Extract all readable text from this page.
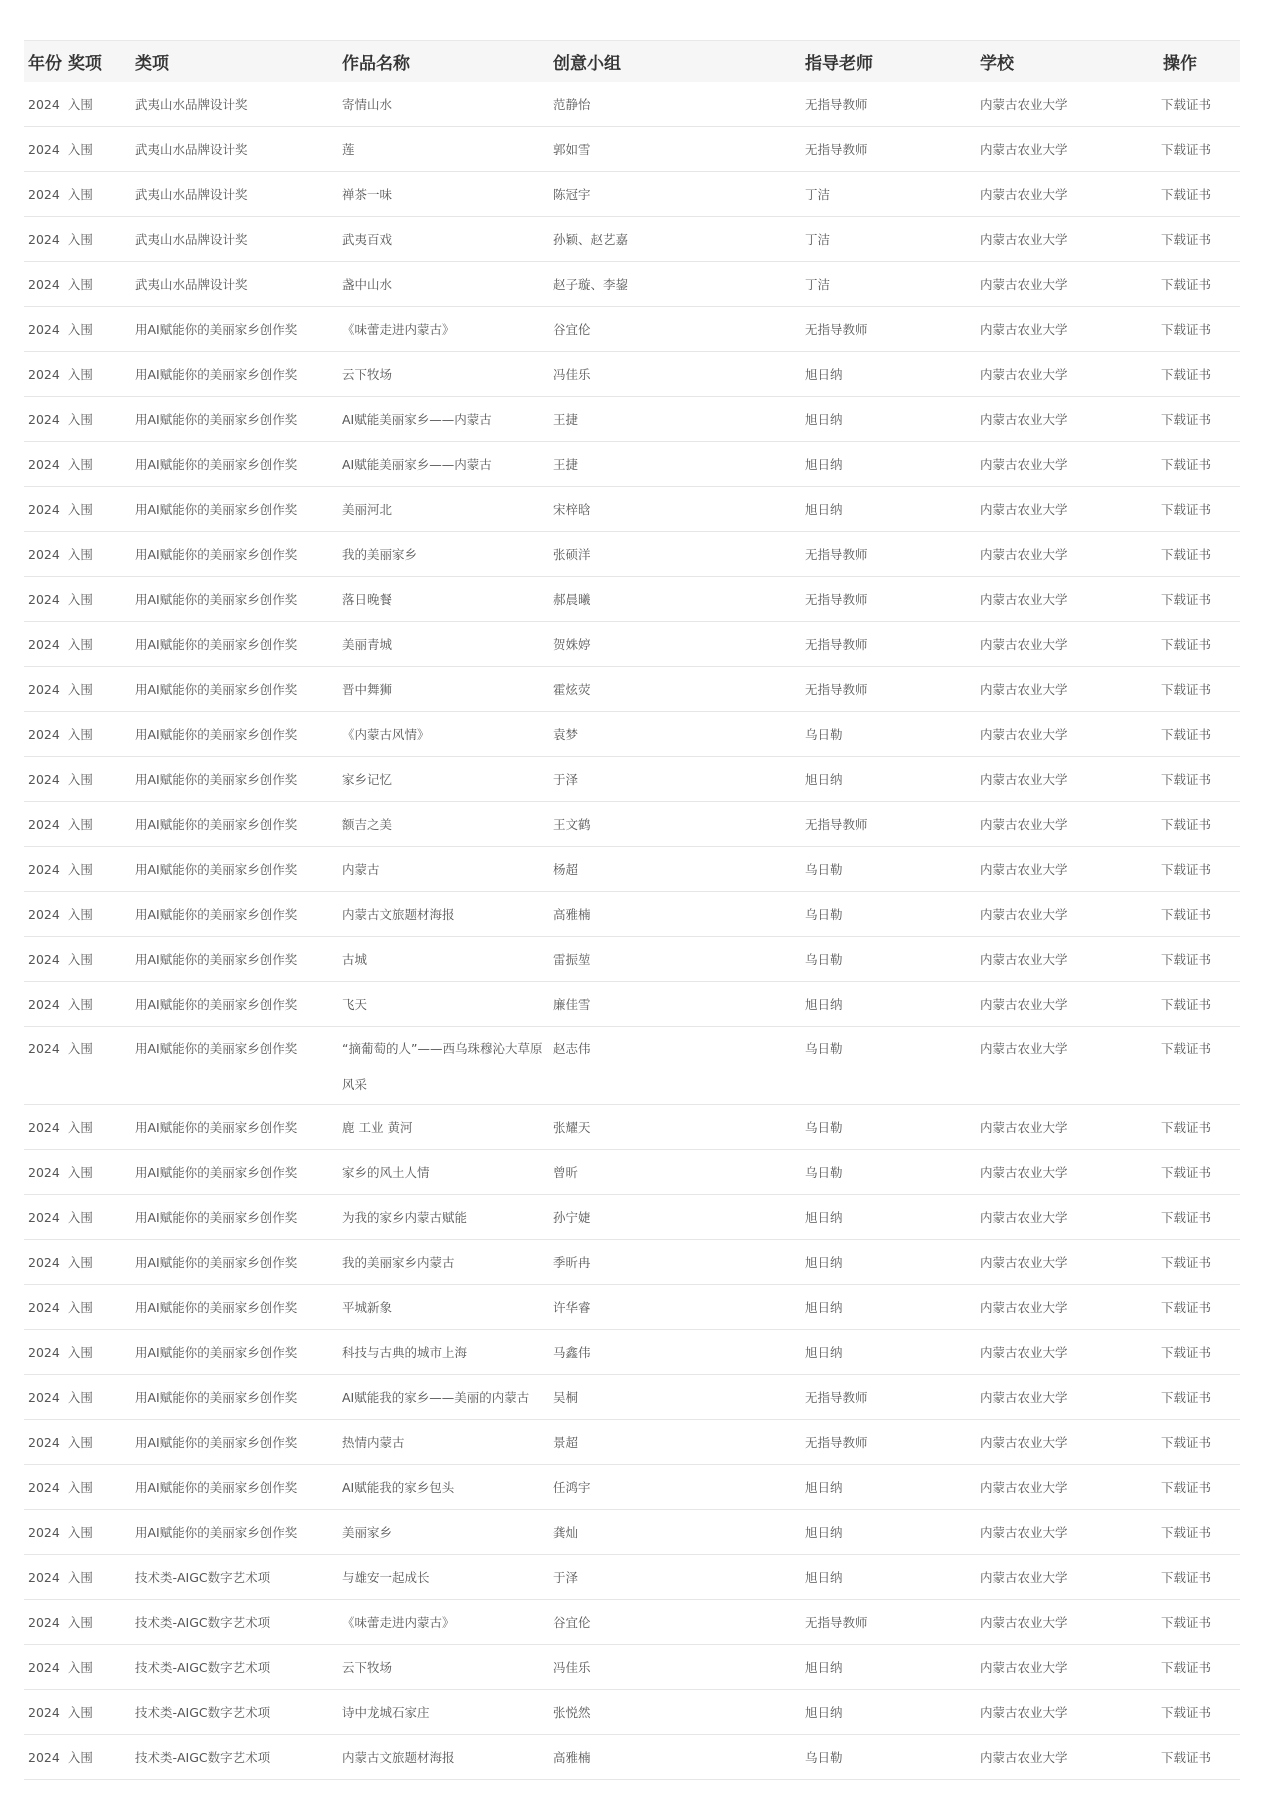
年份 奖项	类项	作品名称	创意小组	指导老师	学校	操作
2024 入围	武夷山水品牌设计奖	寄情山水	范静怡	无指导教师	内蒙古农业大学	下载证书
2024 入围	武夷山水品牌设计奖	莲	郭如雪	无指导教师	内蒙古农业大学	下载证书
2024 入围	武夷山水品牌设计奖	禅茶一味	陈冠宇	丁洁	内蒙古农业大学	下载证书
2024 入围	武夷山水品牌设计奖	武夷百戏	孙颖、赵艺嘉	丁洁	内蒙古农业大学	下载证书
2024 入围	武夷山水品牌设计奖	盏中山水	赵子璇、李鋆	丁洁	内蒙古农业大学	下载证书
2024 入围	用AI赋能你的美丽家乡创作奖	《味蕾走进内蒙古》	谷宜伦	无指导教师	内蒙古农业大学	下载证书
2024 入围	用AI赋能你的美丽家乡创作奖	云下牧场	冯佳乐	旭日纳	内蒙古农业大学	下载证书
2024 入围	用AI赋能你的美丽家乡创作奖	AI赋能美丽家乡——内蒙古	王捷	旭日纳	内蒙古农业大学	下载证书
2024 入围	用AI赋能你的美丽家乡创作奖	AI赋能美丽家乡——内蒙古	王捷	旭日纳	内蒙古农业大学	下载证书
2024 入围	用AI赋能你的美丽家乡创作奖	美丽河北	宋梓晗	旭日纳	内蒙古农业大学	下载证书
2024 入围	用AI赋能你的美丽家乡创作奖	我的美丽家乡	张硕洋	无指导教师	内蒙古农业大学	下载证书
2024 入围	用AI赋能你的美丽家乡创作奖	落日晚餐	郝晨曦	无指导教师	内蒙古农业大学	下载证书
2024 入围	用AI赋能你的美丽家乡创作奖	美丽青城	贺姝婷	无指导教师	内蒙古农业大学	下载证书
2024 入围	用AI赋能你的美丽家乡创作奖	晋中舞狮	霍炫荧	无指导教师	内蒙古农业大学	下载证书
2024 入围	用AI赋能你的美丽家乡创作奖	《内蒙古风情》	袁梦	乌日勒	内蒙古农业大学	下载证书
2024 入围	用AI赋能你的美丽家乡创作奖	家乡记忆	于泽	旭日纳	内蒙古农业大学	下载证书
2024 入围	用AI赋能你的美丽家乡创作奖	额吉之美	王文鹤	无指导教师	内蒙古农业大学	下载证书
2024 入围	用AI赋能你的美丽家乡创作奖	内蒙古	杨超	乌日勒	内蒙古农业大学	下载证书
2024 入围	用AI赋能你的美丽家乡创作奖	内蒙古文旅题材海报	高雅楠	乌日勒	内蒙古农业大学	下载证书
2024 入围	用AI赋能你的美丽家乡创作奖	古城	雷振堃	乌日勒	内蒙古农业大学	下载证书
2024 入围	用AI赋能你的美丽家乡创作奖	飞天	廉佳雪	旭日纳	内蒙古农业大学	下载证书
2024 入围	用AI赋能你的美丽家乡创作奖	“摘葡萄的人”——西乌珠穆沁大草原风采	赵志伟	乌日勒	内蒙古农业大学	下载证书
2024 入围	用AI赋能你的美丽家乡创作奖	鹿 工业 黄河	张耀天	乌日勒	内蒙古农业大学	下载证书
2024 入围	用AI赋能你的美丽家乡创作奖	家乡的风土人情	曾昕	乌日勒	内蒙古农业大学	下载证书
2024 入围	用AI赋能你的美丽家乡创作奖	为我的家乡内蒙古赋能	孙宁婕	旭日纳	内蒙古农业大学	下载证书
2024 入围	用AI赋能你的美丽家乡创作奖	我的美丽家乡内蒙古	季昕冉	旭日纳	内蒙古农业大学	下载证书
2024 入围	用AI赋能你的美丽家乡创作奖	平城新象	许华睿	旭日纳	内蒙古农业大学	下载证书
2024 入围	用AI赋能你的美丽家乡创作奖	科技与古典的城市上海	马鑫伟	旭日纳	内蒙古农业大学	下载证书
2024 入围	用AI赋能你的美丽家乡创作奖	AI赋能我的家乡——美丽的内蒙古	吴桐	无指导教师	内蒙古农业大学	下载证书
2024 入围	用AI赋能你的美丽家乡创作奖	热情内蒙古	景超	无指导教师	内蒙古农业大学	下载证书
2024 入围	用AI赋能你的美丽家乡创作奖	AI赋能我的家乡包头	任鸿宇	旭日纳	内蒙古农业大学	下载证书
2024 入围	用AI赋能你的美丽家乡创作奖	美丽家乡	龚灿	旭日纳	内蒙古农业大学	下载证书
2024 入围	技术类-AIGC数字艺术项	与雄安一起成长	于泽	旭日纳	内蒙古农业大学	下载证书
2024 入围	技术类-AIGC数字艺术项	《味蕾走进内蒙古》	谷宜伦	无指导教师	内蒙古农业大学	下载证书
2024 入围	技术类-AIGC数字艺术项	云下牧场	冯佳乐	旭日纳	内蒙古农业大学	下载证书
2024 入围	技术类-AIGC数字艺术项	诗中龙城石家庄	张悦然	旭日纳	内蒙古农业大学	下载证书
2024 入围	技术类-AIGC数字艺术项	内蒙古文旅题材海报	高雅楠	乌日勒	内蒙古农业大学	下载证书
